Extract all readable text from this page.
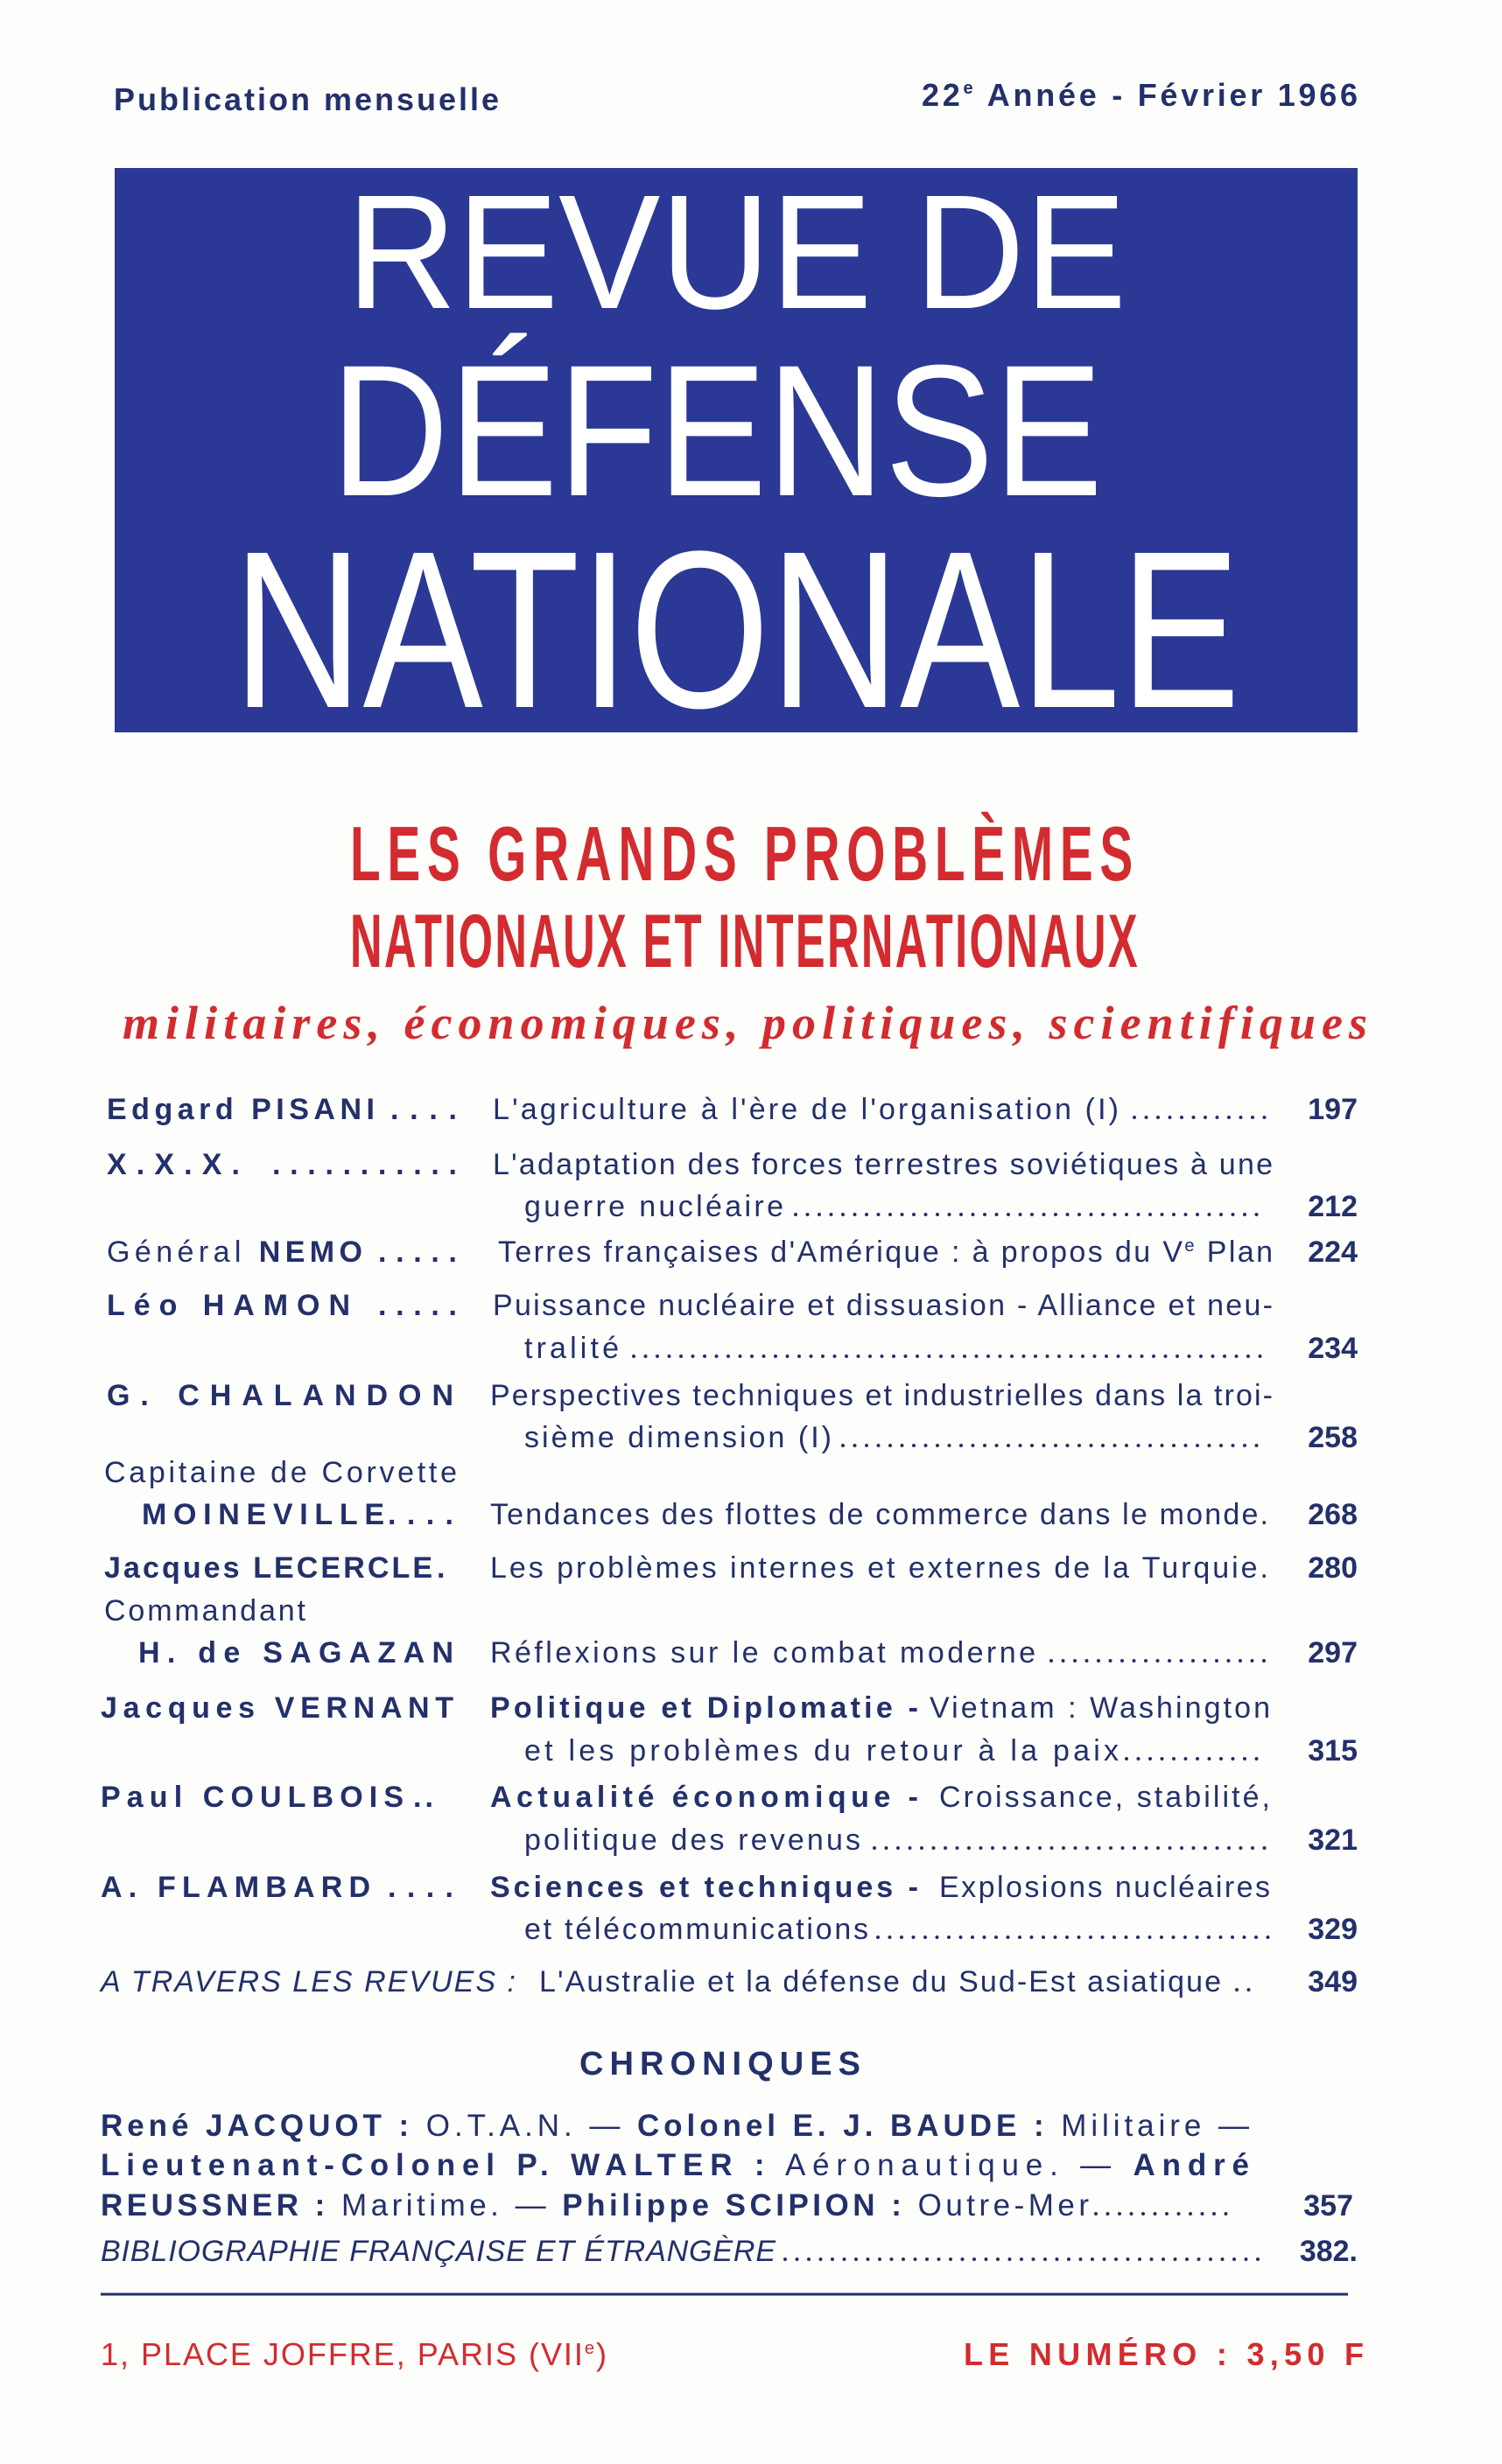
Publication mensuelle	22 $^e$ Année - Février 1966
REVUE DE
DÉFENSE
NATIONALE
LES GRANDS PROBLÈMES
NATIONAUX ET INTERNATIONAUX
militaires, économiques, politiques, scientifiques
Edgard PISANI .... L'agriculture à l'ère de l'organisation (I)	197
X.X.X. ........... L'adaptation des forces terrestres soviétiques à une
guerre nucléaire	212
Général NEMO ..... Terres françaises d'Amérique : à propos du V $^e$ Plan 224
Léo HAMON ..... Puissance nucléaire et dissuasion - Alliance et neu-
tralité	234
G. CHALANDON Perspectives techniques et industrielles dans la troi-
sième dimension (I)	258
Capitaine de Corvette
MOINEVILLE .... Tendances des flottes de commerce dans le monde. 268
Jacques LECERCLE . Les problèmes internes et externes de la Turquie. 280
Commandant
H. de SAGAZAN Réflexions sur le combat moderne	297
Jacques VERNANT Politique et Diplomatie - Vietnam : Washington
et les problèmes du retour à la paix	315
Paul COULBOIS .. Actualité économique - Croissance, stabilité,
politique des revenus	321
A. FLAMBARD .... Sciences et techniques - Explosions nucléaires
et télécommunications	329
A TRAVERS LES REVUES : L'Australie et la défense du Sud-Est asiatique	349
CHRONIQUES
René JACQUOT : O.T.A.N. — Colonel E. J. BAUDE : Militaire —
Lieutenant-Colonel P. WALTER : Aéronautique. — André
REUSSNER : Maritime. — Philippe SCIPION : Outre-Mer	357
BIBLIOGRAPHIE FRANÇAISE ET ÉTRANGÈRE	382.
1, PLACE JOFFRE, PARIS (VIIe)	LE NUMÉRO : 3,50 F
